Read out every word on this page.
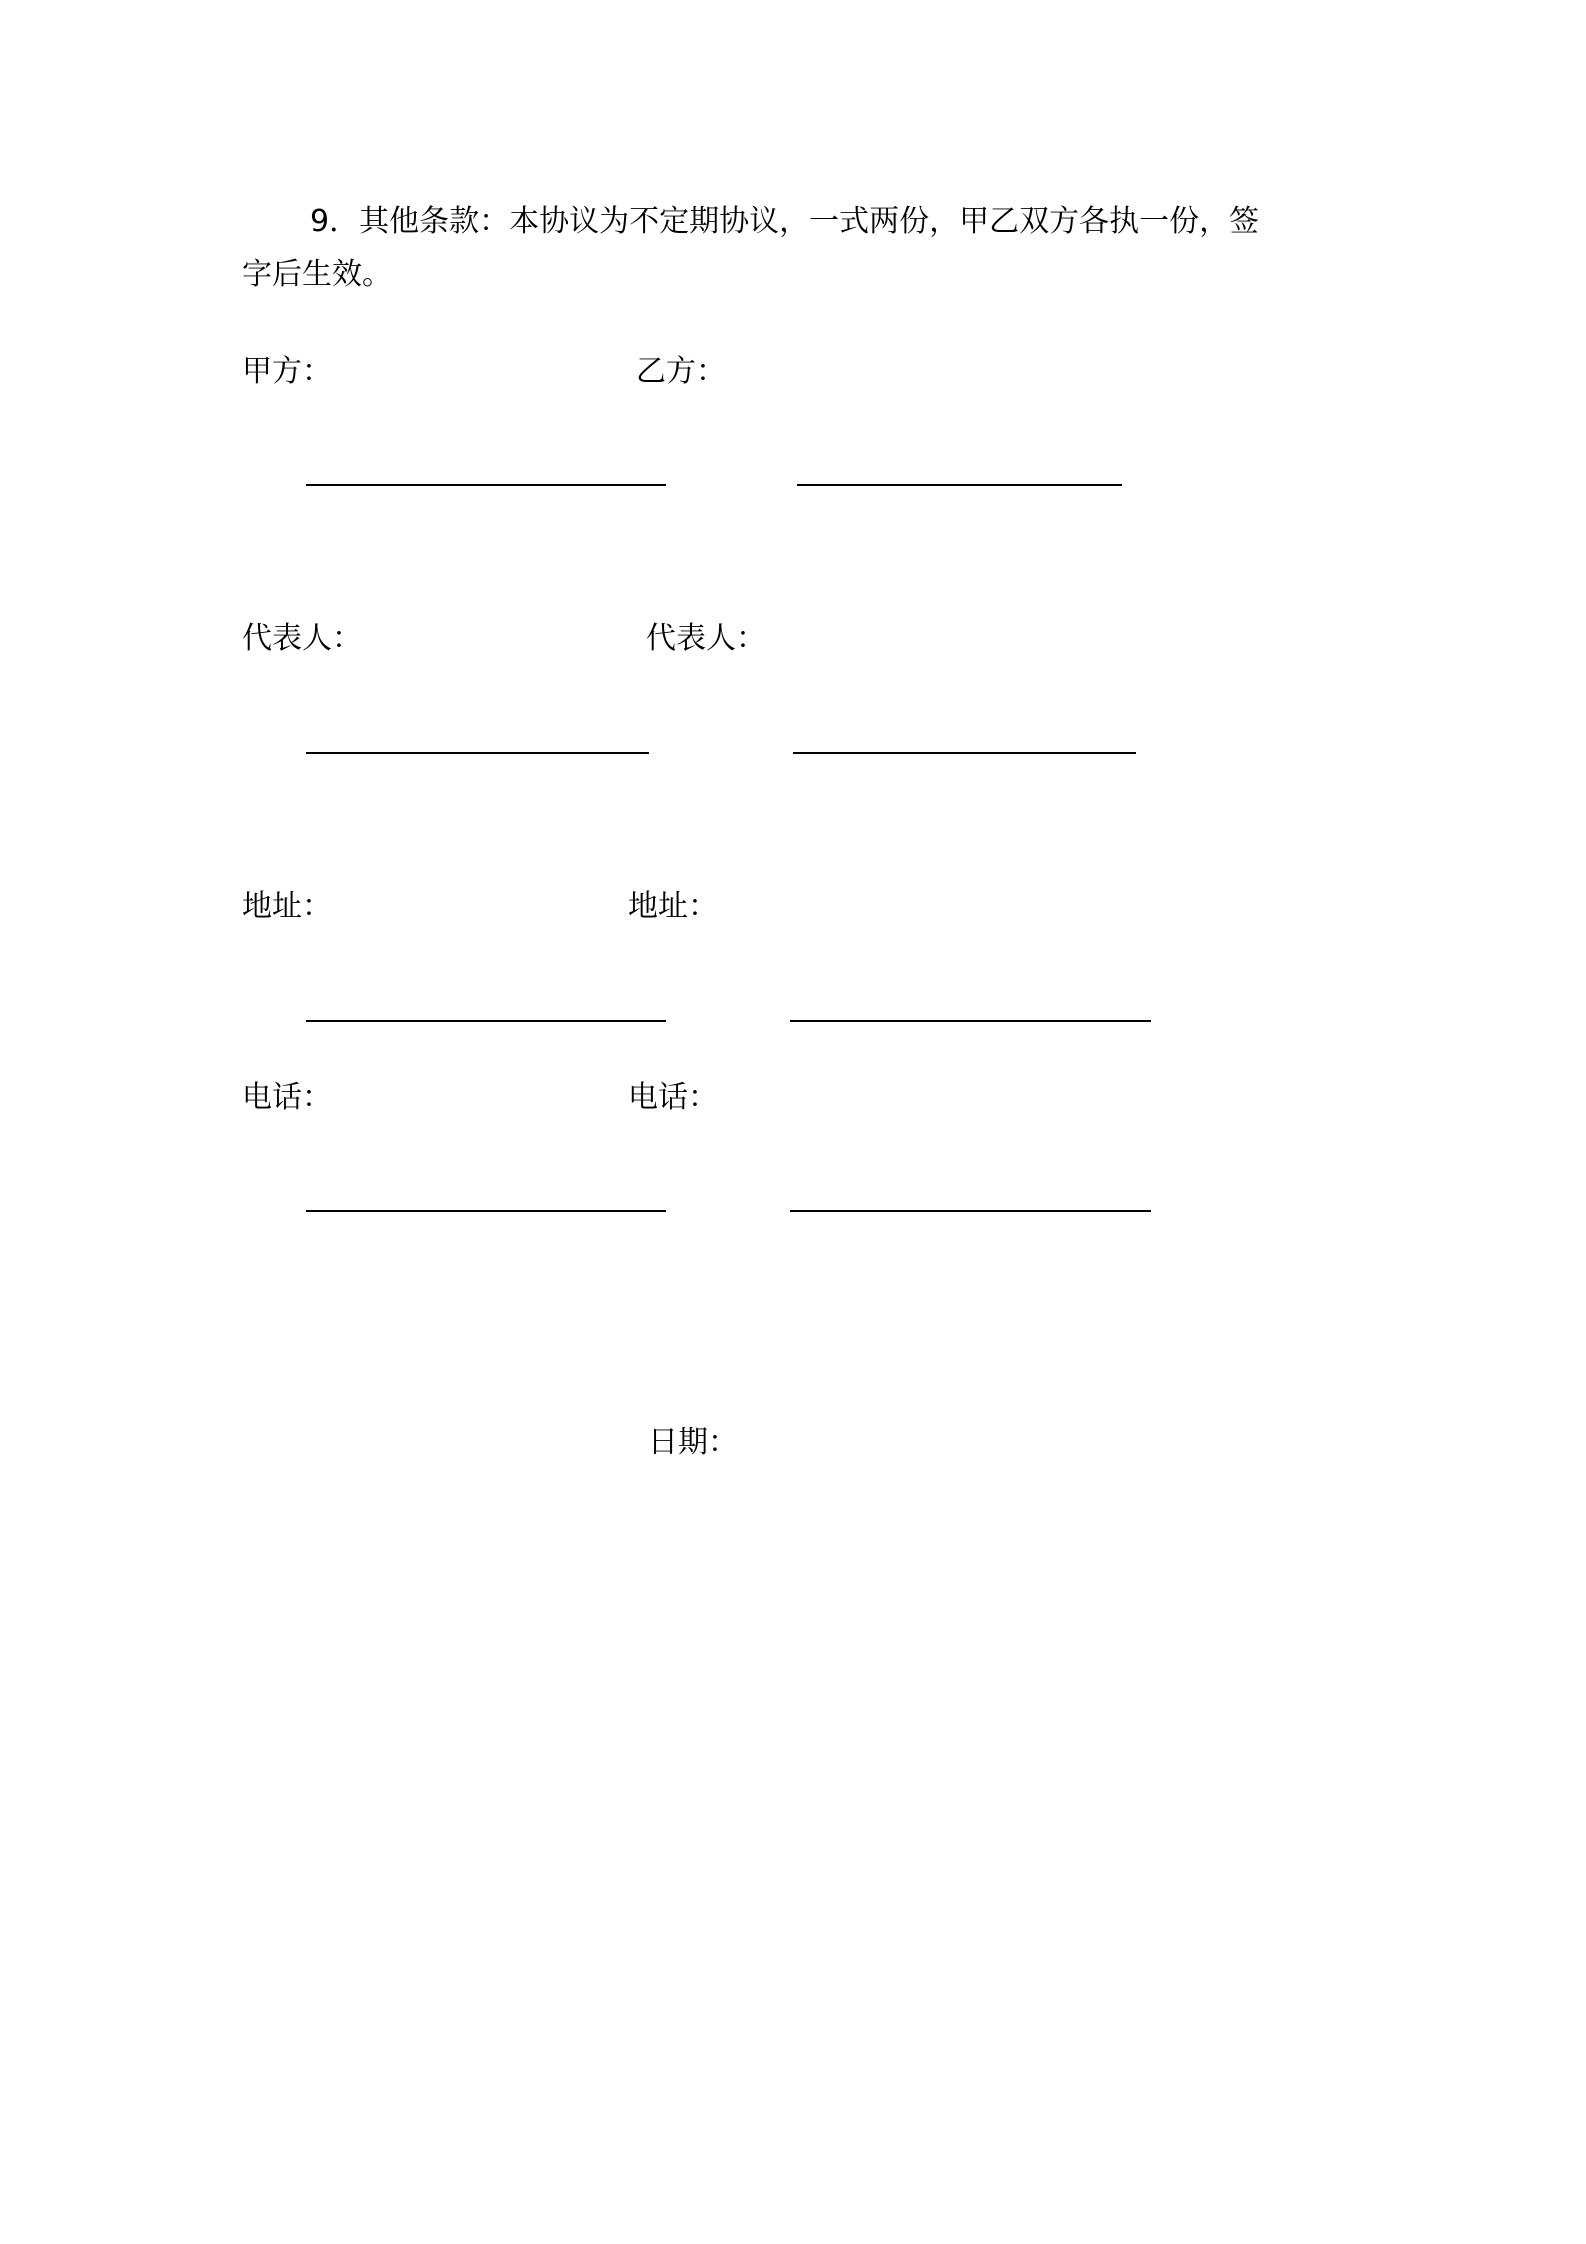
9．其他条款：本协议为不定期协议，一式两份，甲乙双方各执一份，签
字后生效。
甲方：	乙方：
代表人：	代表人：
地址：	地址：
电话：	电话：
日期：
